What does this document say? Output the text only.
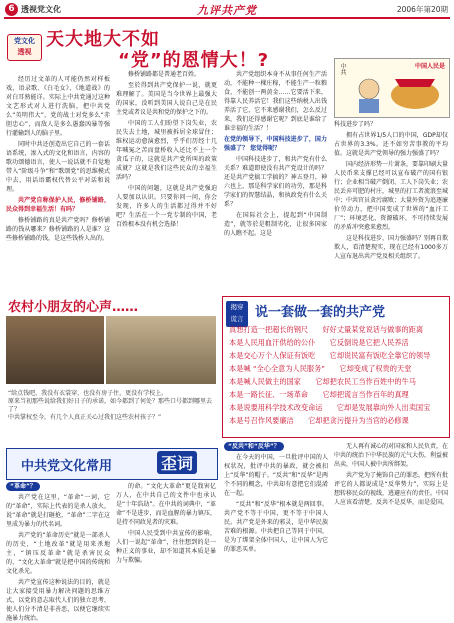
6 透视党文化	九评共产党	2006年第20期
党文化
透视
天大地大不如
“党”的恩情大！?

经历过文革的人可能仍然对样板戏、语录歌、《白毛女》、《地道战》的对白耳熟能详。实际上中共党通过这种文艺形式对人进行洗脑，把中共党么“英明伟大”，党的战士对党多么“赤胆忠心”，而敌人是多么愚蠢凶暴等强行灌输到人的脑子里。

同时中共还创造出它自己的一套话语系统，渗入式的文化和语言，内容的歌功颂德语言，使人一说话就不自觉地带入“阶级斗争”和“歌颂党”的思维模式中去，用话语霸权代替公平对话和说理。

共产党自称保护人民，修桥铺路，民众得到幸福生活！有吗？

修桥铺路的真是共产党吗？修桥铺路的钱从哪来？修桥铺路的人是谁？这些修桥铺路的钱，是这些钱桥人出的。

修桥铺路都是普通老百姓。

至於得到共产党保护一说，就更难理解了。美国是当今世界上最强大的国家，没听到美国人说自己是在民主党或者议是共和党的保护之下的。

中国的工人们盼望下岗失业，农民失去土地，城里被拆居全球冒住；维权运动愈演愈烈，乎乎们历经十几年喊冤之苦而盘桥收入还比不上一个贪瓜子的，这就是共产党所叫的政策成就？这就是我们这些民众的幸福生活吗？

中国的问题，这就是共产党强迫人要加以认识。只要你问一问，你会发现，许多人的生活都过得并不好吧？生活在一个一党专制的中国，老百姓根本没有机会选择！

共产党组织本身不从事任何生产活动，不能种一棵庄稼，不能生产一粒粮食，不能创一两黄金……它要活下来，得靠人民养活它！我们这些纳税人出钱养活了它，它不来感谢我们，怎么反过来，我们还得感谢它呢？到底是谁给了谁幸福的生活？！

在党的领导下，中国科技进步了，国力强盛了？ 您觉得呢？

中国科技进步了，和共产党有什么关系？难道即使没有共产党设计的吗？还是共产党搞工学搞的？神五登月，神六也上，那是科学家们的功劳，那是科学家们的智慧结晶，和执政党有什么关系？

在国际社会上，提起到“中国制造”，就等於是粗制劣化，让很多国家的人瞧不起。这是

中国人民是
中共

科技进步了吗？

拥有占世界1/5人口的中国，GDP却仅占世界的3.3%。还不如穷苦事教的平均值。这就是共产党领导的强力强盛了吗？

国内经济形势一片萧条，要靠印刷大量人民币来支撑已经可以宣布破产的国有银行；企业相当破产倒闭、工人下岗失业；农民丢弃可肥的村庄，城里的打工者流浪至城中；中共官员贪污腐败；大量外资为追逐廉价劳动力，把中国变成了世界的“血汗工厂”；环境恶化、资源破坏，不可持续发展的矛盾冲突愈来愈烈。

这是科技进步，国力强盛吗？别再自欺欺人，看清楚现实，现在已经有1000多万人宣布退出共产党及相关组织了。

农村小朋友的心声……
“给点钱吧，我没有衣裳穿，也没有房子住，更没有学校上。
原来当初那些说给我们好日子的承诺，如今都到了何处？那些口号都到哪里去了？
中共掌权至今，有几个人真正关心过我们这些农村孩子？”
揭穿
谎言 说一套做一套的共产党
真想打造一把超长的钢尺　　 好好丈量某党说话与做事的距离
本是人民用血汗供给的公仆　　 它反倒说是它把人民养活
本是交心万个人保证有饭吃　　 它却说民富有饭吃全靠它的领导
本是喊 “全心全意为人民服务”　　 它却变成了权贵的天堂
本是喊人民做主的国家　　 它却把农民工当作百姓中的牛马
本是一路长征、一场革命　　 它却把谎言当作百年的真理
本是说要用科学技术改变命运　　 它却是发展靠向外人出卖国宝
本是号召作风要廉洁　　 它却把贪污提升为当官的必修课
中共党文化常用	歪词
“革命”？

共产党在这里，“革命”一词，它的“革命”，实际上代表的是杀人放火，说“革命”就是打砸抢，“革命”二字在这里成为暴力的代名词。

共产党的“革命历史”就是一部杀人的历史，“土地改革”就是用来杀地主，“镇压反革命”就是杀害民众的，“文化大革命”就是把中国的传统和文化杀光。

共产党宣传这种说法的目的，就是让大家接受用暴力解决问题的思维方式，以党的意志取代人们的独立思考，使人们分不清是非善恶，以便它继续实施暴力统治。

的命。“文化大革命”更是戕害亿万人，在中共自己的文件中也承认是“十年浩劫”。在中共的词典中，“革命”不是进步，而是血腥的暴力镇压，是持不同政见者的灾难。

中国人民受到中共宣传的影响，人们一说起“革命”，往往想到的是一种正义的事业，却不知道其本质是暴力与欺骗。

“反共”和“反华”？

在今天的中国，一旦批评中国的人权状况，批评中共的暴政，就会被扣上“反华”的帽子。“反共”和“反华”是两个不同的概念，中共却有意把它们混淆在一起。

“反共”和“反华”根本就是两回事。共产党不等于中国，更不等于中国人民。共产党是外来的邪灵，是中华民族苦难的根源。中共把自己等同于中国，是为了绑架全体中国人，让中国人为它的罪恶买单。

无人再有诚心的对国家和人民负责，在中共的统治下中华民族的元气大伤，利益被出卖，中国人被中共所绑架。

共产党为了掩饰自己的罪恶，把所有批评它的人都说成是“反华势力”，实际上是想转移民众的视线，逃避应有的责任。中国人应该看清楚，反共不是反华，而是爱国。
